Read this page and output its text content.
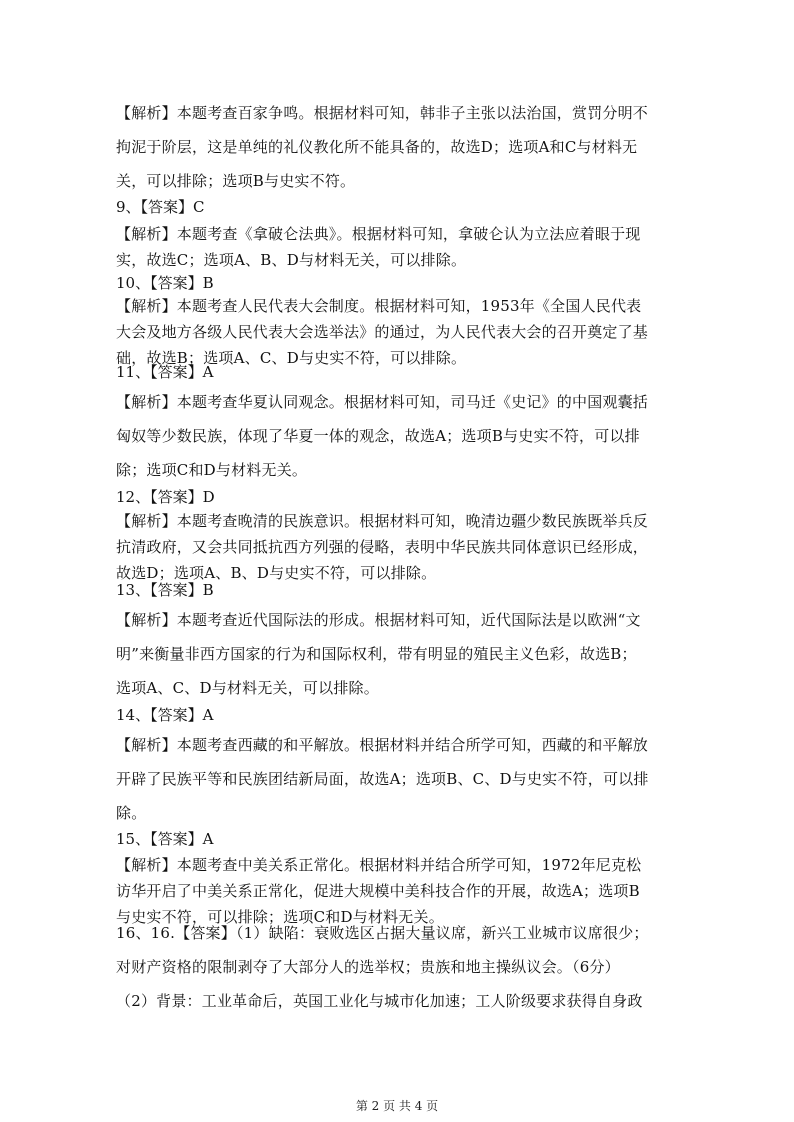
【解析】本题考查百家争鸣。根据材料可知，韩非子主张以法治国，赏罚分明不
拘泥于阶层，这是单纯的礼仪教化所不能具备的，故选D；选项A和C与材料无
关，可以排除；选项B与史实不符。
9、【答案】C
【解析】本题考查《拿破仑法典》。根据材料可知，拿破仑认为立法应着眼于现
实，故选C；选项A、B、D与材料无关，可以排除。
10、【答案】B
【解析】本题考查人民代表大会制度。根据材料可知，1953年《全国人民代表
大会及地方各级人民代表大会选举法》的通过，为人民代表大会的召开奠定了基
础，故选B；选项A、C、D与史实不符，可以排除。
11、【答案】A
【解析】本题考查华夏认同观念。根据材料可知，司马迁《史记》的中国观囊括
匈奴等少数民族，体现了华夏一体的观念，故选A；选项B与史实不符，可以排
除；选项C和D与材料无关。
12、【答案】D
【解析】本题考查晚清的民族意识。根据材料可知，晚清边疆少数民族既举兵反
抗清政府，又会共同抵抗西方列强的侵略，表明中华民族共同体意识已经形成，
故选D；选项A、B、D与史实不符，可以排除。
13、【答案】B
【解析】本题考查近代国际法的形成。根据材料可知，近代国际法是以欧洲“文
明”来衡量非西方国家的行为和国际权利，带有明显的殖民主义色彩，故选B；
选项A、C、D与材料无关，可以排除。
14、【答案】A
【解析】本题考查西藏的和平解放。根据材料并结合所学可知，西藏的和平解放
开辟了民族平等和民族团结新局面，故选A；选项B、C、D与史实不符，可以排
除。
15、【答案】A
【解析】本题考查中美关系正常化。根据材料并结合所学可知，1972年尼克松
访华开启了中美关系正常化，促进大规模中美科技合作的开展，故选A；选项B
与史实不符，可以排除；选项C和D与材料无关。
16、16.【答案】（1）缺陷：衰败选区占据大量议席，新兴工业城市议席很少；
对财产资格的限制剥夺了大部分人的选举权；贵族和地主操纵议会。（6分）
（2）背景：工业革命后，英国工业化与城市化加速；工人阶级要求获得自身政
第 2 页 共 4 页
